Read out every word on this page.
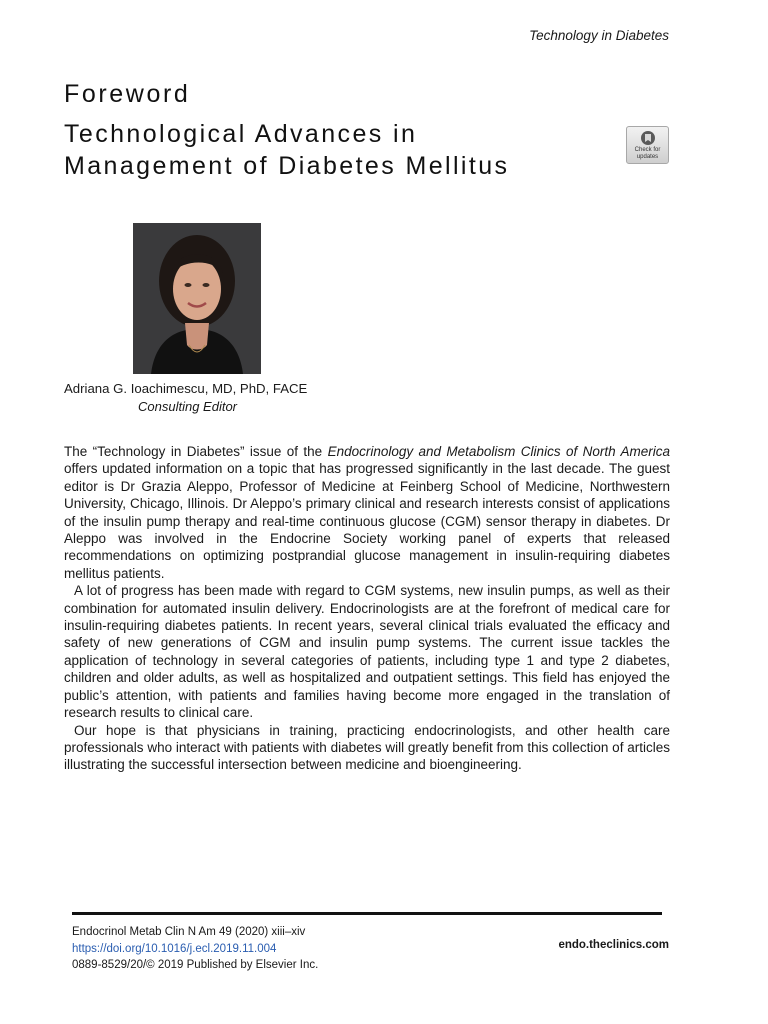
Technology in Diabetes
Foreword
Technological Advances in
Management of Diabetes Mellitus
Check for
updates
Adriana G. Ioachimescu, MD, PhD, FACE
Consulting Editor

The “Technology in Diabetes” issue of the Endocrinology and Metabolism Clinics of North America offers updated information on a topic that has progressed significantly in the last decade. The guest editor is Dr Grazia Aleppo, Professor of Medicine at Feinberg School of Medicine, Northwestern University, Chicago, Illinois. Dr Aleppo’s primary clinical and research interests consist of applications of the insulin pump therapy and real-time continuous glucose (CGM) sensor therapy in diabetes. Dr Aleppo was involved in the Endocrine Society working panel of experts that released recommendations on optimizing postprandial glucose management in insulin-requiring diabetes mellitus patients.

A lot of progress has been made with regard to CGM systems, new insulin pumps, as well as their combination for automated insulin delivery. Endocrinologists are at the forefront of medical care for insulin-requiring diabetes patients. In recent years, several clinical trials evaluated the efficacy and safety of new generations of CGM and insulin pump systems. The current issue tackles the application of technology in several categories of patients, including type 1 and type 2 diabetes, children and older adults, as well as hospitalized and outpatient settings. This field has enjoyed the public’s attention, with patients and families having become more engaged in the translation of research results to clinical care.

Our hope is that physicians in training, practicing endocrinologists, and other health care professionals who interact with patients with diabetes will greatly benefit from this collection of articles illustrating the successful intersection between medicine and bioengineering.

Endocrinol Metab Clin N Am 49 (2020) xiii–xiv
https://doi.org/10.1016/j.ecl.2019.11.004
0889-8529/20/© 2019 Published by Elsevier Inc.
endo.theclinics.com
